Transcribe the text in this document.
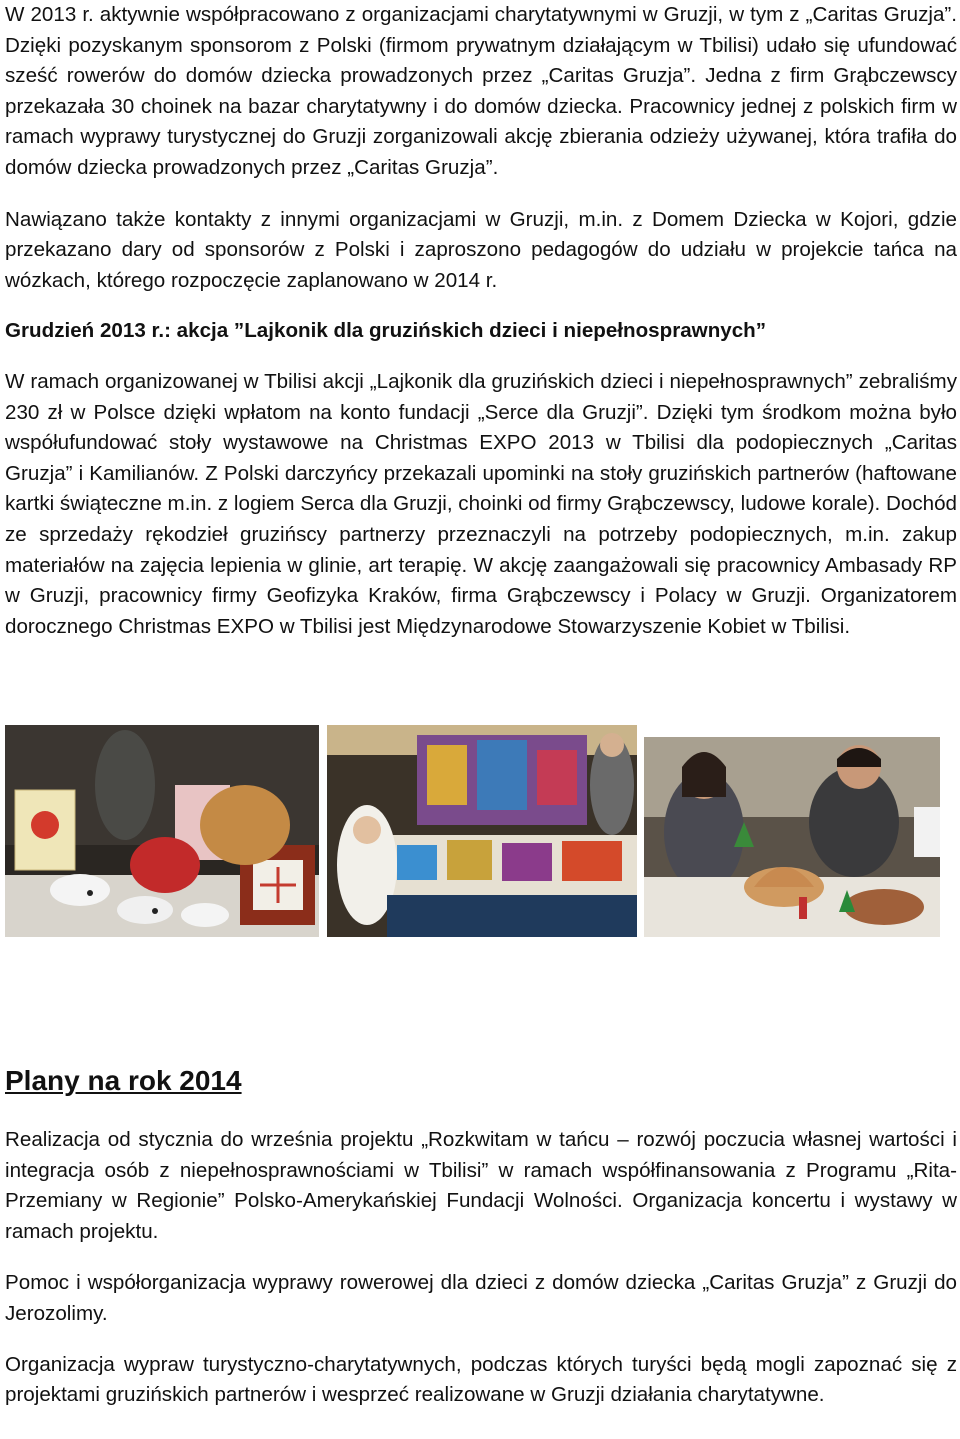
W 2013 r. aktywnie współpracowano z organizacjami charytatywnymi w Gruzji, w tym z „Caritas Gruzja”. Dzięki pozyskanym sponsorom z Polski (firmom prywatnym działającym w Tbilisi) udało się ufundować sześć rowerów do domów dziecka prowadzonych przez „Caritas Gruzja”. Jedna z firm Grąbczewscy przekazała 30 choinek na bazar charytatywny i do domów dziecka. Pracownicy jednej z polskich firm w ramach wyprawy turystycznej do Gruzji zorganizowali akcję zbierania odzieży używanej, która trafiła do domów dziecka prowadzonych przez „Caritas Gruzja”.

Nawiązano także kontakty z innymi organizacjami w Gruzji, m.in. z Domem Dziecka w Kojori, gdzie przekazano dary od sponsorów z Polski i zaproszono pedagogów do udziału w projekcie tańca na wózkach, którego rozpoczęcie zaplanowano w 2014 r.

Grudzień 2013 r.: akcja ”Lajkonik dla gruzińskich dzieci i niepełnosprawnych”

W ramach organizowanej w Tbilisi akcji „Lajkonik dla gruzińskich dzieci i niepełnosprawnych” zebraliśmy 230 zł w Polsce dzięki wpłatom na konto fundacji „Serce dla Gruzji”. Dzięki tym środkom można było współufundować stoły wystawowe na Christmas EXPO 2013 w Tbilisi dla podopiecznych „Caritas Gruzja” i Kamilianów. Z Polski darczyńcy przekazali upominki na stoły gruzińskich partnerów (haftowane kartki świąteczne m.in. z logiem Serca dla Gruzji, choinki od firmy Grąbczewscy, ludowe korale). Dochód ze sprzedaży rękodzieł gruzińscy partnerzy przeznaczyli na potrzeby podopiecznych, m.in. zakup materiałów na zajęcia lepienia w glinie, art terapię. W akcję zaangażowali się pracownicy Ambasady RP w Gruzji, pracownicy firmy Geofizyka Kraków, firma Grąbczewscy i Polacy w Gruzji. Organizatorem dorocznego Christmas EXPO w Tbilisi jest Międzynarodowe Stowarzyszenie Kobiet w Tbilisi.

Plany na rok 2014

Realizacja od stycznia do września projektu „Rozkwitam w tańcu – rozwój poczucia własnej wartości i integracja osób z niepełnosprawnościami w Tbilisi” w ramach współfinansowania z Programu „Rita-Przemiany w Regionie” Polsko-Amerykańskiej Fundacji Wolności. Organizacja koncertu i wystawy w ramach projektu.

Pomoc i współorganizacja wyprawy rowerowej dla dzieci z domów dziecka „Caritas Gruzja” z Gruzji do Jerozolimy.

Organizacja wypraw turystyczno-charytatywnych, podczas których turyści będą mogli zapoznać się z projektami gruzińskich partnerów i wesprzeć realizowane w Gruzji działania charytatywne.
